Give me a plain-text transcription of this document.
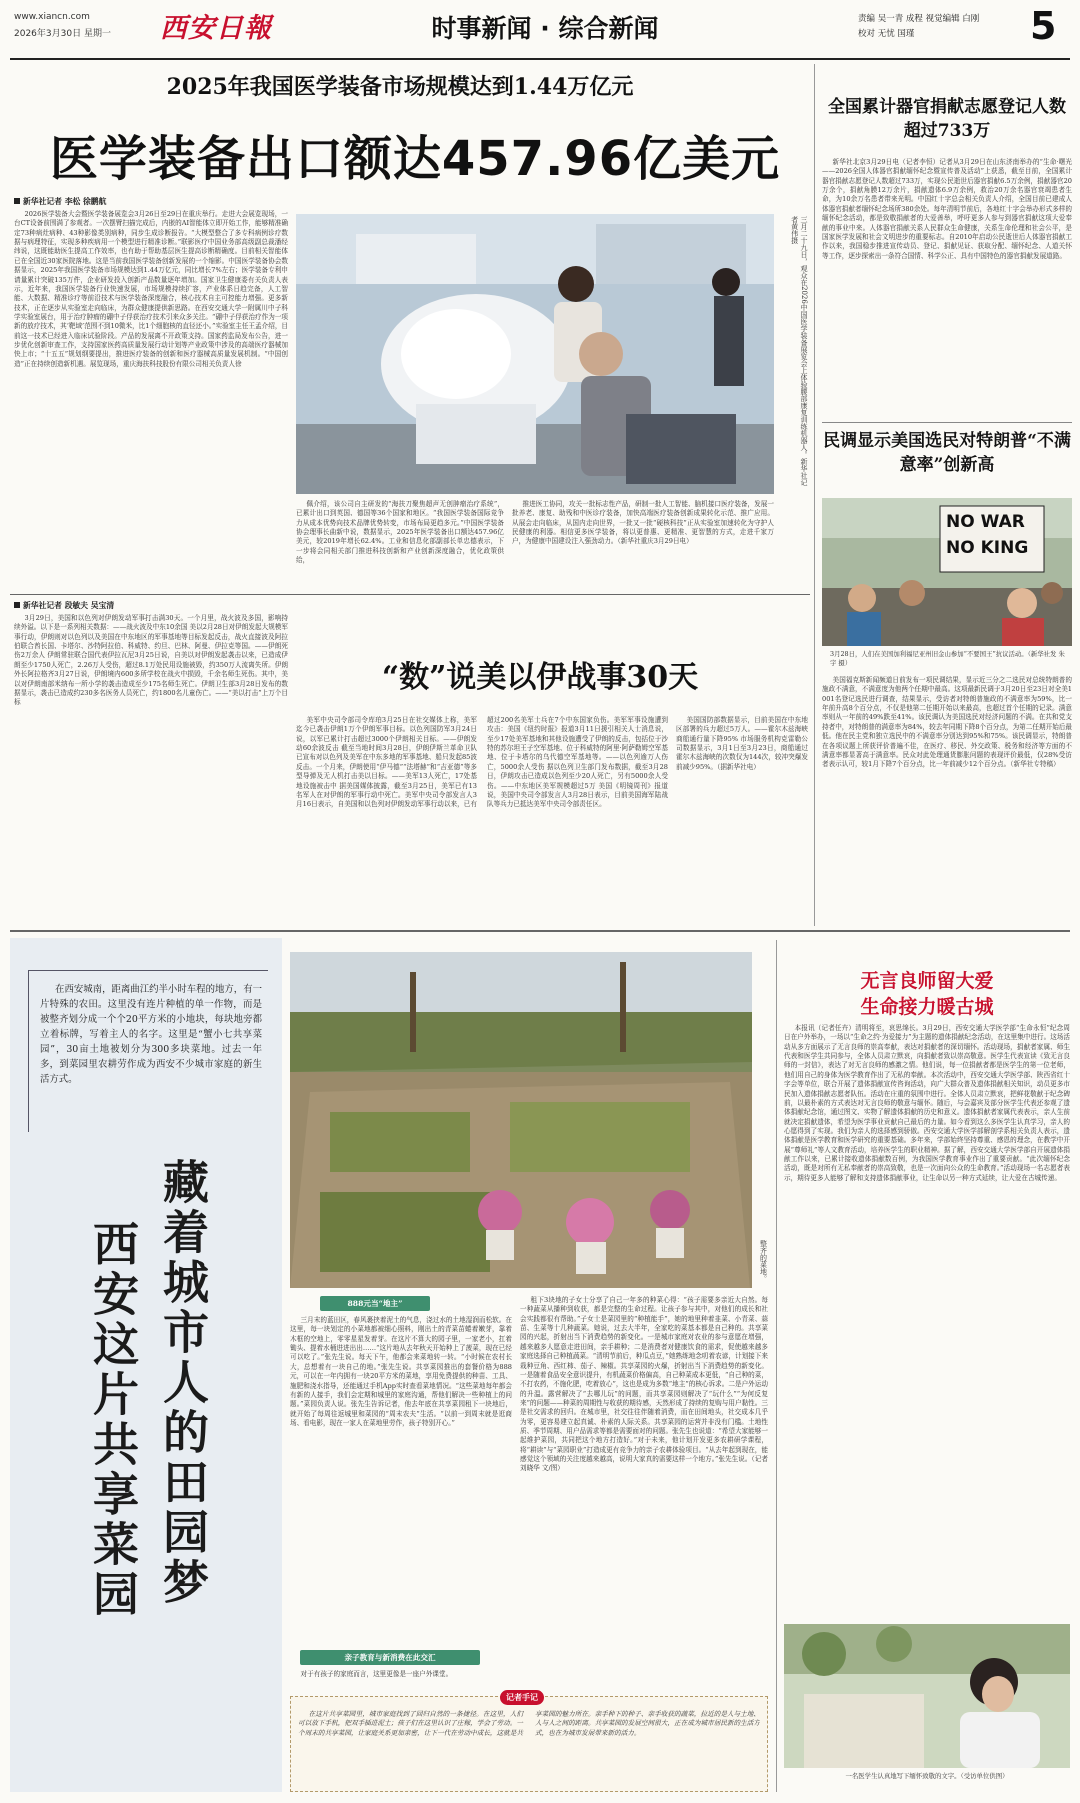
www.xiancn.com
2026年3月30日 星期一 西安日報	时事新闻 · 综合新闻	责编 吴一青 成程 视觉编辑 白刚
校对 无忧 国瑾	5
2025年我国医学装备市场规模达到1.44万亿元
医学装备出口额达457.96亿美元
新华社记者 李松 徐鹏航

2026医学装备大会暨医学装备展览会3月26日至29日在重庆举行。走进大会展览现场，一台CT设备前围满了参观者。一次摆臂扫描完成后，内嵌的AI智能体立即开始工作，能够精准确定73种病灶病种、43种影像类别病种，同步生成诊断报告。“大模型整合了多专科病例诊疗数据与病理特征，实现多种疾病用一个模型进行精准诊断。”联影医疗中国业务部高级副总裁潘经纬说，这既能助医生提高工作效率，也有助于帮助基层医生提高诊断精确度。目前相关智能体已在全国近30家医院落地。这是当前我国医学装备创新发展的一个缩影。中国医学装备协会数据显示，2025年我国医学装备市场规模达到1.44万亿元，同比增长7%左右；医学装备专利申请量累计突破135万件，企业研发投入创新产品数量逐年增加。国家卫生健康委有关负责人表示，近年来，我国医学装备行业快速发展，市场规模持续扩容，产业体系日趋完备，人工智能、大数据、精准诊疗等前沿技术与医学装备深度融合，核心技术自主可控能力增强。更多新技术，正在逐步从实验室走向临床，为群众健康提供新思路。在西安交通大学一附属川中子科学实验室展台，用于治疗肿瘤的硼中子俘获治疗技术引来众多关注。“硼中子俘获治疗作为一项新的放疗技术，其‘靶域’范围不到10微米，比1个细胞核的直径还小。”实验室主任王孟介绍，目前这一技术已经进入临床试验阶段。产品的发展离不开政策支持。国家药监局发布公告，进一步优化创新审查工作，支持国家医药高质量发展行动计划等产业政策中涉及的高端医疗器械加快上市；“十五五”规划纲要提出，推进医疗装备的创新和医疗器械高质量发展机制。“中国创造”正在持续创造新机遇。展览现场，重庆海扶科技股份有限公司相关负责人徐	三月二十九日，观众在2026中国医学装备展览会上体验腰部康复训练机器人。新华社记者黄伟摄

佩介绍，该公司自主研发的“海扶刀聚焦超声无创肿瘤治疗系统”，已累计出口到英国、德国等36个国家和地区。“我国医学装备国际竞争力从成本优势向技术品牌优势转变，市场布局更趋多元。”中国医学装备协会理事长曲新中说，数据显示，2025年医学装备出口额达457.96亿美元，较2019年增长62.4%。工业和信息化部副部长单忠德表示，下一步将会同相关部门推进科技创新和产业创新深度融合，优化政策供给，

推进医工协同，攻关一批标志性产品，研制一批人工智能、脑机接口医疗装备，发展一批养老、康复、助残和中医诊疗装备，加快高端医疗装备创新成果转化示范、推广应用。从展会走向临床，从国内走向世界，一批又一批“硬核科技”正从实验室加速转化为守护人民健康的利器。相信更多医学装备，将以更普惠、更精准、更智慧的方式，走进千家万户，为健康中国建设注入强劲动力。（新华社重庆3月29日电）

全国累计器官捐献志愿登记人数超过733万

新华社北京3月29日电（记者李恒）记者从3月29日在山东济南举办的“生命·曙光——2026全国人体器官捐献缅怀纪念暨宣传普及活动”上获悉，截至目前，全国累计器官捐献志愿登记人数超过733万，实现公民逝世后器官捐献6.5万余例，捐献器官20万余个，捐献角膜12万余片，捐献遗体6.9万余例，救治20万余名器官衰竭患者生命，为10余万名患者带来光明。中国红十字总会相关负责人介绍，全国目前已建成人体器官捐献者缅怀纪念场所380余处。每年清明节前后，各地红十字会举办形式多样的缅怀纪念活动，都是致敬捐献者的大爱善举，呼吁更多人参与到器官捐献这项大爱奉献的事业中来。人体器官捐献关系人民群众生命健康，关系生命伦理和社会公平，是国家医学发展和社会文明进步的重要标志。自2010年启动公民逝世后人体器官捐献工作以来，我国稳步推进宣传动员、登记、捐献见证、获取分配、缅怀纪念、人道关怀等工作，逐步探索出一条符合国情、科学公正、具有中国特色的器官捐献发展道路。

民调显示美国选民对特朗普“不满意率”创新高
NO WAR
NO KING
3月28日，人们在美国加利福尼亚州旧金山参加“不要国王”抗议活动。（新华社发 朱宇 摄）

美国福克斯新闻频道日前发布一项民调结果，显示近三分之二选民对总统特朗普的施政不满意，不满意度为他两个任期中最高。这项最新民调于3月20日至23日对全美1001名登记选民进行调查，结果显示，受访者对特朗普施政的不满意率为59%，比一年前升高8个百分点，不仅是他第二任期开始以来最高，也超过首个任期的记录。满意率则从一年前的49%跌至41%。该民调认为美国选民对经济问题的不满。在共和党支持者中，对特朗普的满意率为84%，较去年同期下降8个百分点，为第二任期开始后最低。他在民主党和独立选民中的不满意率分别达到95%和75%。该民调显示，特朗普在各项议题上所获评价普遍不佳，在医疗、移民、外交政策、税务和经济等方面的不满意率都显著高于满意率。民众对此处理通货膨胀问题的表现评价最低，仅28%受访者表示认可，较1月下降7个百分点，比一年前减少12个百分点。（新华社专特稿）

新华社记者 段敏夫 吴宝清
“数”说美以伊战事30天

3月29日，美国和以色列对伊朗发动军事打击满30天。一个月里，战火波及多国，影响持续外溢。以下是一系列相关数据：——战火波及中东10余国 美以2月28日对伊朗发起大规模军事行动，伊朗则对以色列以及美国在中东地区的军事基地等目标发起反击，战火直接波及阿拉伯联合酋长国、卡塔尔、沙特阿拉伯、科威特、约旦、巴林、阿曼、伊拉克等国。——伊朗死伤2万余人 伊朗常驻联合国代表伊拉瓦尼3月25日说，自美以对伊朗发起袭击以来，已造成伊朗至少1750人死亡，2.26万人受伤，超过8.1万处民用设施被毁，约350万人流离失所。伊朗外长阿拉格齐3月27日说，伊朗境内600多所学校在战火中损毁，千余名师生死伤。其中，美以对伊朗南部米纳布一所小学的袭击造成至少175名师生死亡。伊朗卫生部3月28日发布的数据显示，袭击已造成约230多名医务人员死亡，约1800名儿童伤亡。——“美以打击”上万个目标

美军中央司令部司令库珀3月25日在社交媒体上称，美军迄今已袭击伊朗1万个伊朗军事目标。以色列国防军3月24日说，以军已累计打击超过3000个伊朗相关目标。——伊朗发动60余波反击 截至当地时间3月28日，伊朗伊斯兰革命卫队已宣布对以色列及美军在中东多地的军事基地、船只发起85波反击。一个月来，伊朗使用“伊马德”“法塔赫”和“吉亚德”等多型导弹及无人机打击美以目标。——美军13人死亡，17处基地设施被击中 据美国媒体披露，截至3月25日，美军已有13名军人在对伊朗的军事行动中死亡。美军中央司令部发言人3月16日表示，自美国和以色列对伊朗发动军事行动以来，已有超过200名美军士兵在7个中东国家负伤。美军军事设施遭到攻击：美国《纽约时报》报道3月11日援引相关人士消息说，至少17处美军基地和其他设施遭受了伊朗的反击，包括位于沙特的苏尔坦王子空军基地、位于科威特的阿里·阿萨勒姆空军基地、位于卡塔尔的乌代德空军基地等。——以色列逾万人伤亡，5000余人受伤 据以色列卫生部门发布数据，截至3月28日，伊朗攻击已造成以色列至少20人死亡，另有5000余人受伤。——中东地区美军规模超过5万 美国《明镜周刊》报道说，美国中央司令部发言人3月28日表示，目前美国海军陆战队等兵力已抵达美军中央司令部责任区。

美国国防部数据显示，目前美国在中东地区部署的兵力超过5万人。——霍尔木兹海峡商船通行量下降95% 市场服务机构克雷勒公司数据显示，3月1日至3月23日，商船通过霍尔木兹海峡的次数仅为144次，较冲突爆发前减少95%。（据新华社电）

在西安城南，距离曲江约半小时车程的地方，有一片特殊的农田。这里没有连片种植的单一作物，而是被整齐划分成一个个20平方米的小地块，每块地旁都立着标牌，写着主人的名字。这里是“蟹小七共享菜园”，30亩土地被划分为300多块菜地。过去一年多，到菜园里农耕劳作成为西安不少城市家庭的新生活方式。

藏着城市人的田园梦
西安这片共享菜园	整齐的菜地。
888元当“地主”

三月末的蓝田区，春风裹挟着泥土的气息，浇过水的土地湿润而松软。在这里，每一块划定的小菜地都被细心照料，刚出土的青菜苗蜷着嫩芽，靠着木框的空地上，零零星星发着芽。在这片不算大的园子里，一家老小，扛着锄头、提着水桶进进出出……“这片地从去年秋天开始种上了菠菜，现在已经可以吃了。”张先生说。每天下午，他都会来菜地转一转。“小时候在农村长大，总想着有一块自己的地。”张先生说。共享菜园推出的套餐价格为888元，可以在一年内拥有一块20平方米的菜地，享用免费提供的种苗、工具、施肥和浇水指导，还能通过手机App实时查看菜地情况。“这些菜地每年都会有新的人接手，我们会定期和城里的家庭沟通，帮他们解决一些种植上的问题。”菜园负责人说。张先生告诉记者，他去年底在共享菜园租下一块地后，就开始了每周往返城里和菜园的“周末农夫”生活。“以前一到周末就是逛商场、看电影，现在一家人在菜地里劳作，孩子特别开心。”

亲子教育与新消费在此交汇

对于有孩子的家庭而言，这里更像是一座户外课堂。

租下3块地的子女士分享了自己一年多的种菜心得：“孩子需要多亲近大自然。每一种蔬菜从播种到收获，都是完整的生命过程。让孩子参与其中，对他们的成长和社会实践都很有帮助。”子女士是菜园里的“种植能手”，她的地里种着韭菜、小青菜、蒜苗、生菜等十几种蔬菜。她说，过去大半年，全家吃的菜基本都是自己种的。共享菜园的兴起，折射出当下消费趋势的新变化。一是城市家庭对农业的参与意愿在增强，越来越多人愿意走进田间，亲手耕种；二是消费者对健康饮食的需求，促使越来越多家庭选择自己种植蔬菜。“清明节前后，种瓜点豆，”她熟练地念叨着农谚，计划接下来栽种豆角、西红柿、茄子、辣椒。共享菜园的火爆，折射出当下消费趋势的新变化。一是随着食品安全意识提升，有机蔬菜价格偏高，自己种菜成本更低，“自己种的菜，不打农药，不施化肥，吃着放心”，这也是成为多数“地主”的核心诉求。二是户外运动的升温。露营解决了“去哪儿玩”的问题，而共享菜园则解决了“玩什么”“为何反复来”的问题——种菜的周期性与收获的期待感，天然形成了持续的复购与用户黏性。三是社交需求的回归。在城市里，社交往往伴随着消费，而在田间地头，社交成本几乎为零，更容易建立起真诚、朴素的人际关系。共享菜园的运营并非没有门槛。土地性质、季节周期、用户品需求等都是需要面对的问题。张先生也说道：“希望大家能够一起维护菜园，共同把这个地方打造好。”对于未来，他计划开发更多农耕研学课程，将“耕读”与“菜园职业”打造成更有竞争力的亲子农耕体验项目。“从去年起到现在，能感觉这个领域的关注度越来越高，说明大家真的需要这样一个地方。”张先生说。（记者 刘晓华 文/图）

记者手记

在这片共享菜园里，城市家庭找到了回归自然的一条捷径。在这里，人们可以放下手机，把双手插进泥土；孩子们在这里认识了庄稼，学会了劳动。一个周末的共享菜园，让家庭关系更加亲密，让下一代在劳动中成长，这就是共享菜园的魅力所在。亲手种下的种子、亲手收获的蔬菜，拉近的是人与土地、人与人之间的距离。共享菜园的发展空间很大，正在成为城市居民新的生活方式，也在为城市发展带来新的活力。

无言良师留大爱
生命接力暖古城

本报讯（记者任卉）清明将至，哀思绵长。3月29日，西安交通大学医学部“生命永恒”纪念周日在户外举办，一场以“生命之约·为爱接力”为主题的遗体捐献纪念活动，在这里集中进行。这场活动从多方面展示了无言良师的崇高奉献，表达对捐献者的深切缅怀。活动现场，捐献者家属、师生代表和医学生共同参与，全体人员肃立默哀，向捐献者致以崇高敬意。医学生代表宣读《致无言良师的一封信》，表达了对无言良师的感激之情。他们说，每一位捐献者都是医学生的第一位老师，他们用自己的身体为医学教育作出了无私的奉献。本次活动中，西安交通大学医学部、陕西省红十字会等单位，联合开展了遗体捐献宣传咨询活动，向广大群众普及遗体捐献相关知识，动员更多市民加入遗体捐献志愿者队伍。活动在庄重的氛围中进行。全体人员肃立默哀，把鲜花敬献于纪念碑前，以最朴素的方式表达对无言良师的敬意与缅怀。随后，与会嘉宾及部分医学生代表还参观了遗体捐献纪念馆，通过图文、实物了解遗体捐献的历史和意义。遗体捐献者家属代表表示，亲人生前就决定捐献遗体，希望为医学事业贡献自己最后的力量。如今看到这么多医学生认真学习，亲人的心愿得到了实现。我们为亲人的选择感到骄傲。西安交通大学医学部解剖学系相关负责人表示，遗体捐献是医学教育和医学研究的重要基础。多年来，学部始终坚持尊重、感恩的理念，在教学中开展“尊师礼”等人文教育活动，培养医学生的职业精神。据了解，西安交通大学医学部自开展遗体捐献工作以来，已累计接收遗体捐献数百例，为我国医学教育事业作出了重要贡献。“此次缅怀纪念活动，既是对所有无私奉献者的崇高致敬，也是一次面向公众的生命教育。”活动现场一名志愿者表示，期待更多人能够了解和支持遗体捐献事业，让生命以另一种方式延续，让大爱在古城传递。

一名医学生认真地写下缅怀致敬的文字。（受访单位供图）
